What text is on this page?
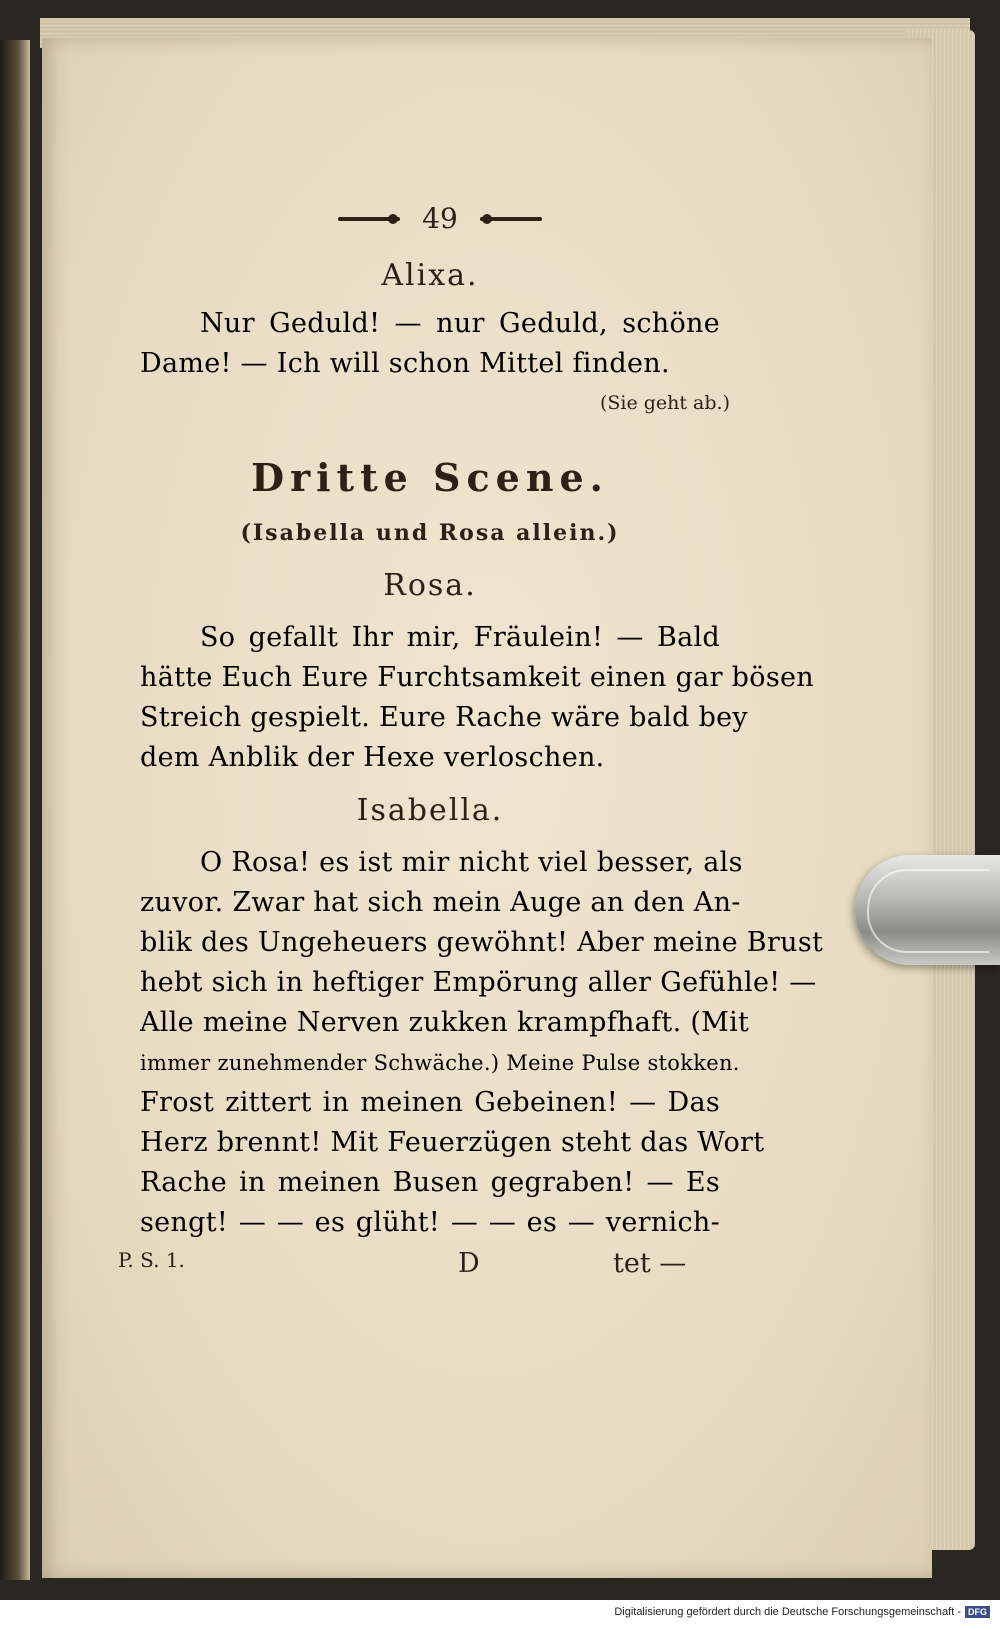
49
Alixa.
Nur Geduld! — nur Geduld, schöne
Dame! — Ich will schon Mittel finden.
(Sie geht ab.)
Dritte Scene.
(Isabella und Rosa allein.)
Rosa.
So gefallt Ihr mir, Fräulein! — Bald
hätte Euch Eure Furchtsamkeit einen gar bösen
Streich gespielt. Eure Rache wäre bald bey
dem Anblik der Hexe verloschen.
Isabella.
O Rosa! es ist mir nicht viel besser, als
zuvor. Zwar hat sich mein Auge an den An-
blik des Ungeheuers gewöhnt! Aber meine Brust
hebt sich in heftiger Empörung aller Gefühle! —
Alle meine Nerven zukken krampfhaft. (Mit
immer zunehmender Schwäche.) Meine Pulse stokken.
Frost zittert in meinen Gebeinen! — Das
Herz brennt! Mit Feuerzügen steht das Wort
Rache in meinen Busen gegraben! — Es
sengt! — — es glüht! — — es — vernich-
P. S. 1.	D	tet —
Digitalisierung gefördert durch die Deutsche Forschungsgemeinschaft - DFG
